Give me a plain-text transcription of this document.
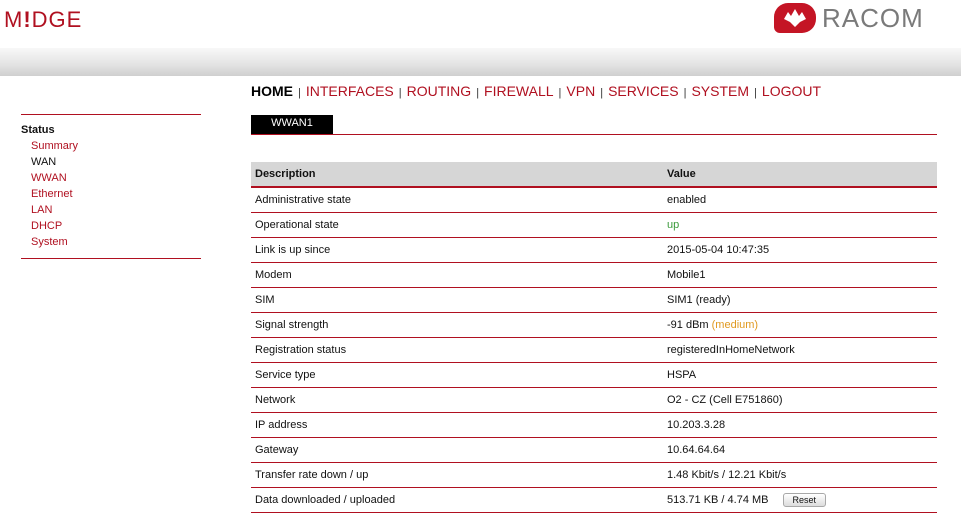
M!DGE	RACOM
Status
Summary
WAN
WWAN
Ethernet
LAN
DHCP
System
HOME | INTERFACES | ROUTING | FIREWALL | VPN | SERVICES | SYSTEM | LOGOUT
WWAN1
Description	Value
Administrative state	enabled
Operational state	up
Link is up since	2015-05-04 10:47:35
Modem	Mobile1
SIM	SIM1 (ready)
Signal strength	-91 dBm (medium)
Registration status	registeredInHomeNetwork
Service type	HSPA
Network	O2 - CZ (Cell E751860)
IP address	10.203.3.28
Gateway	10.64.64.64
Transfer rate down / up	1.48 Kbit/s / 12.21 Kbit/s
Data downloaded / uploaded	513.71 KB / 4.74 MB Reset
